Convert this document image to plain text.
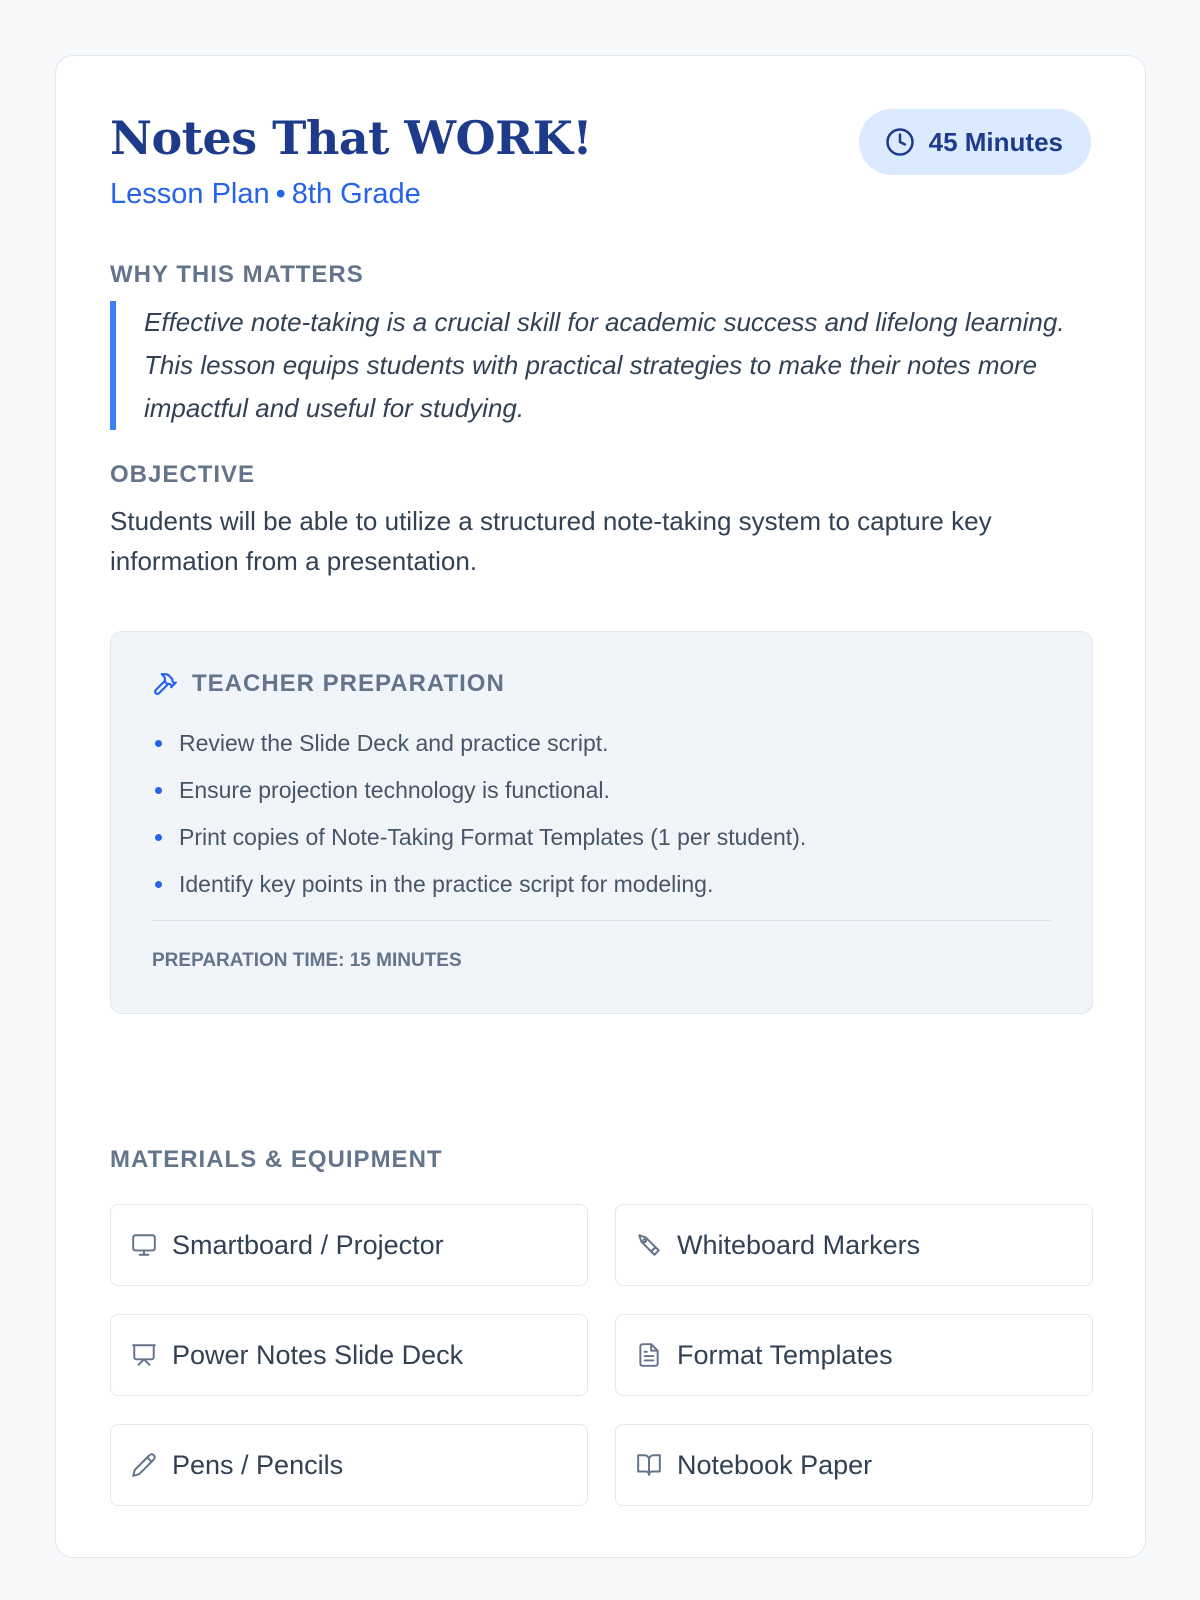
Notes That WORK!
Lesson Plan • 8th Grade
45 Minutes
WHY THIS MATTERS
Effective note-taking is a crucial skill for academic success and lifelong learning. This lesson equips students with practical strategies to make their notes more impactful and useful for studying.
OBJECTIVE
Students will be able to utilize a structured note-taking system to capture key information from a presentation.
TEACHER PREPARATION
Review the Slide Deck and practice script.
Ensure projection technology is functional.
Print copies of Note-Taking Format Templates (1 per student).
Identify key points in the practice script for modeling.
PREPARATION TIME: 15 MINUTES
MATERIALS & EQUIPMENT
Smartboard / Projector	Whiteboard Markers
Power Notes Slide Deck	Format Templates
Pens / Pencils	Notebook Paper
